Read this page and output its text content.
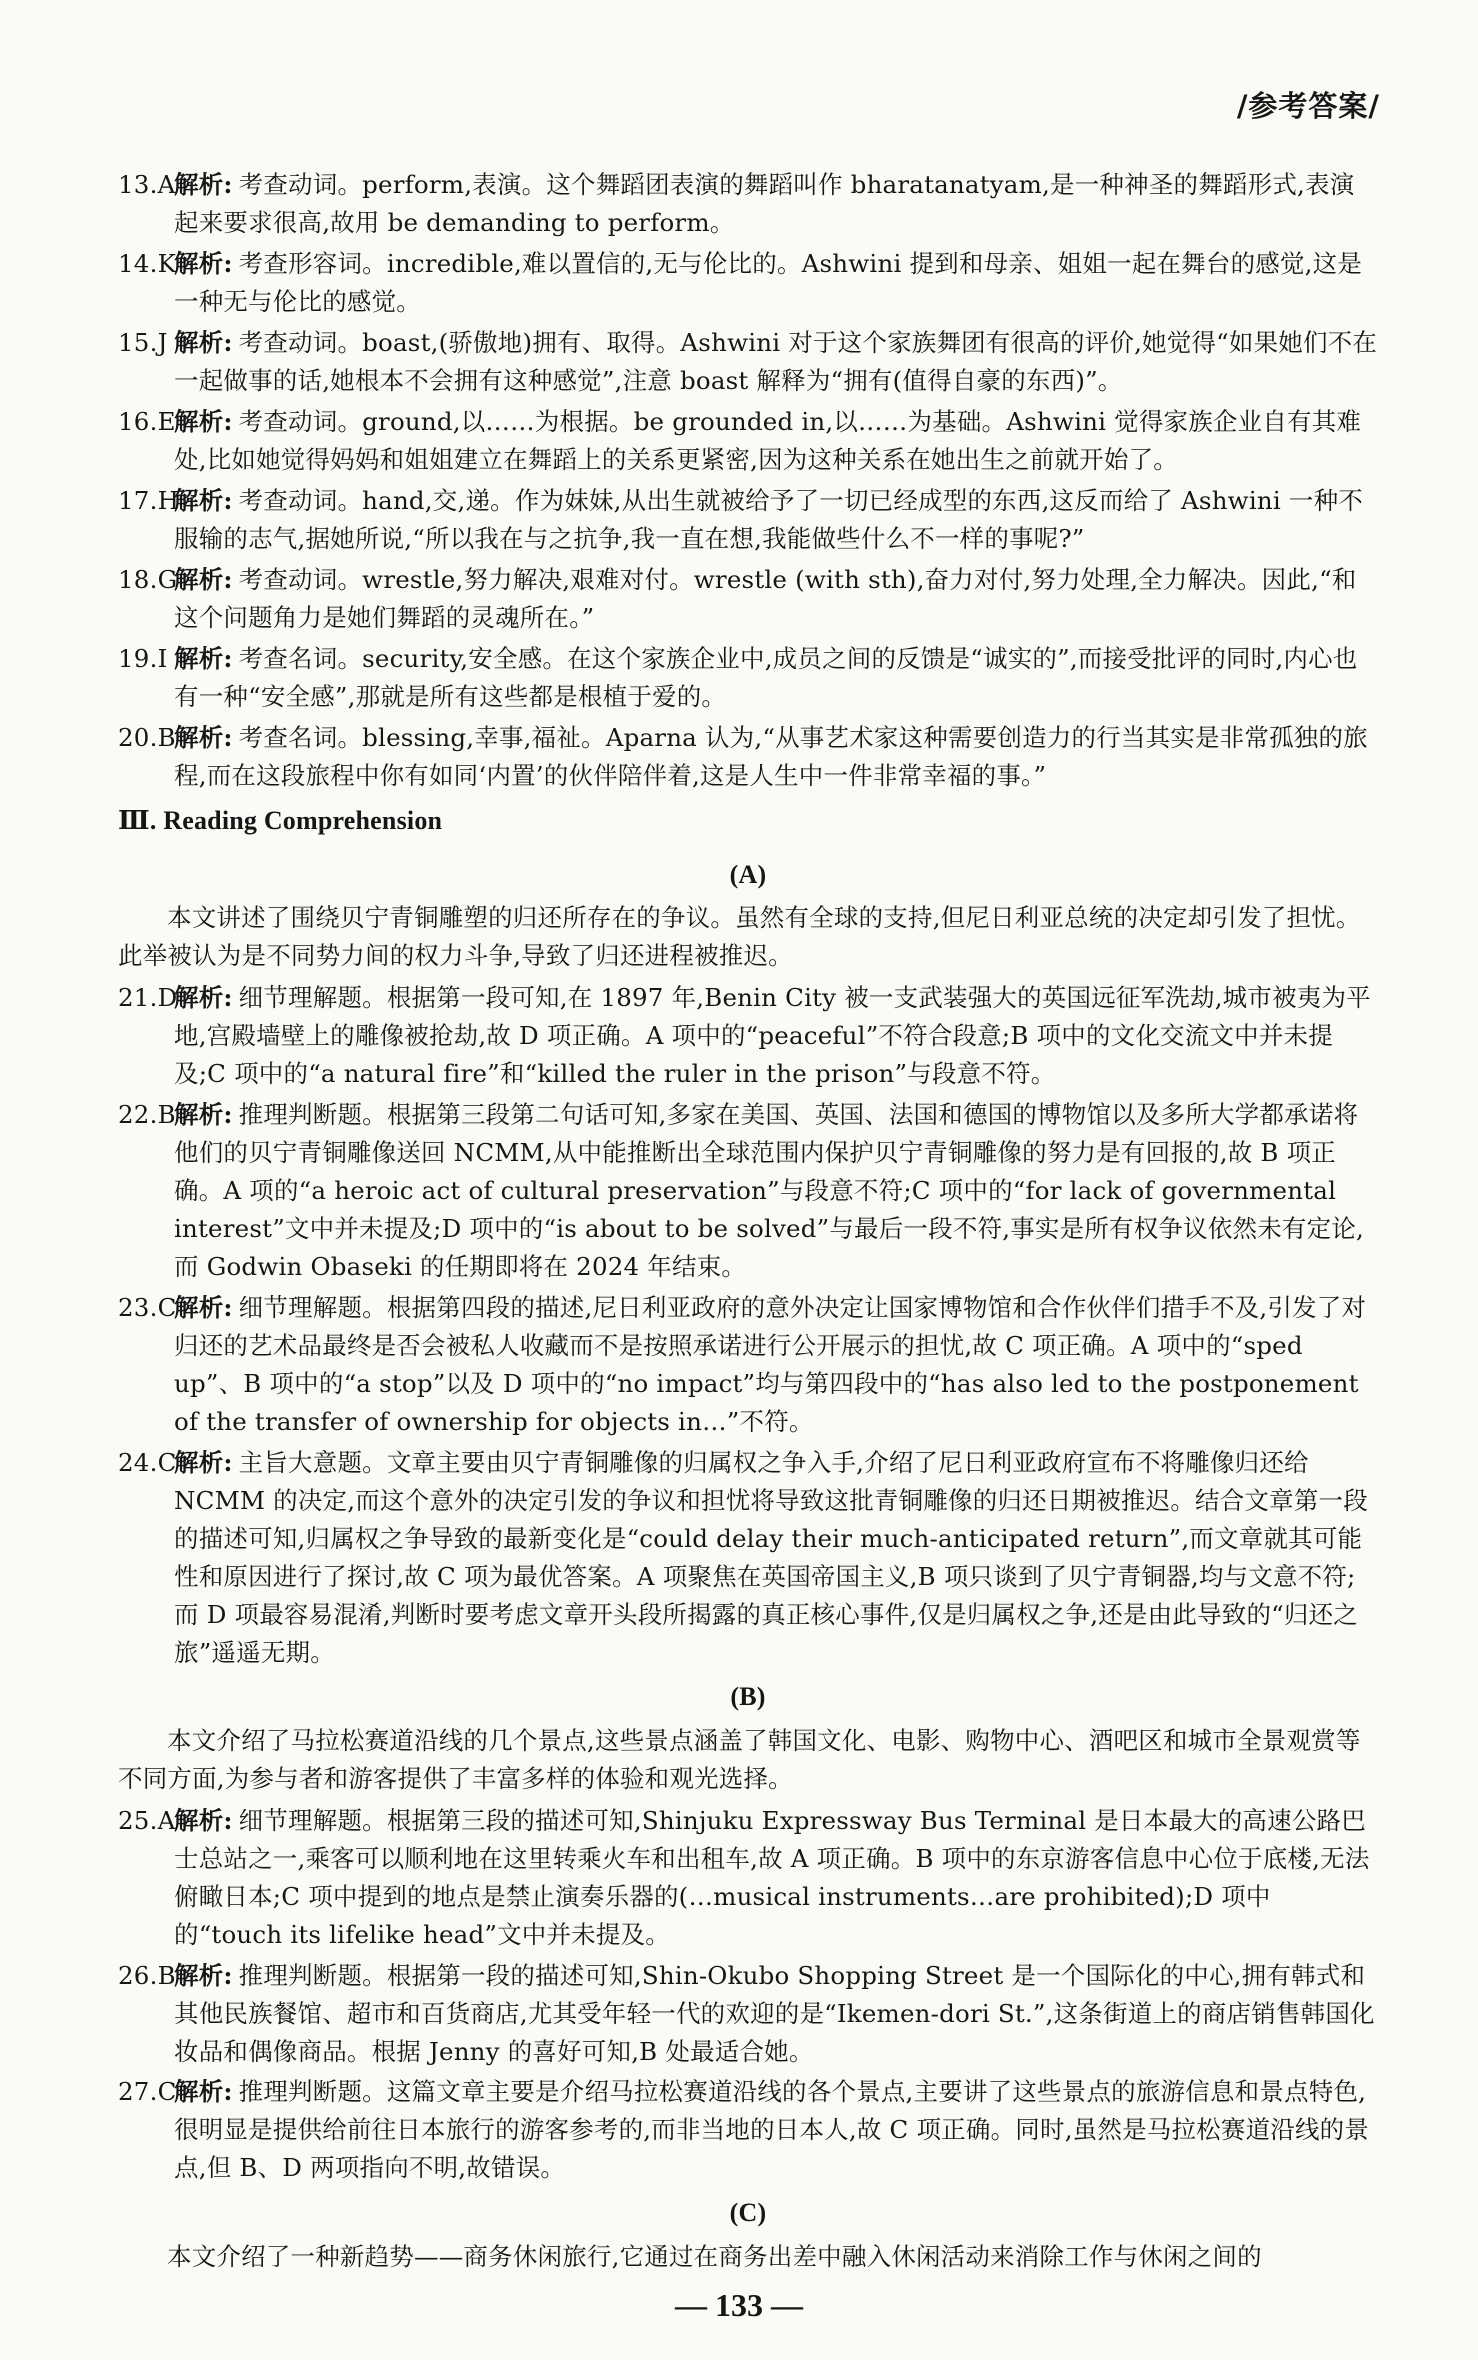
/参考答案/
13.A解析: 考查动词。perform,表演。这个舞蹈团表演的舞蹈叫作 bharatanatyam,是一种神圣的舞蹈形式,表演起来要求很高,故用 be demanding to perform。
14.K解析: 考查形容词。incredible,难以置信的,无与伦比的。Ashwini 提到和母亲、姐姐一起在舞台的感觉,这是一种无与伦比的感觉。
15.J 解析: 考查动词。boast,(骄傲地)拥有、取得。Ashwini 对于这个家族舞团有很高的评价,她觉得“如果她们不在一起做事的话,她根本不会拥有这种感觉”,注意 boast 解释为“拥有(值得自豪的东西)”。
16.E解析: 考查动词。ground,以……为根据。be grounded in,以……为基础。Ashwini 觉得家族企业自有其难处,比如她觉得妈妈和姐姐建立在舞蹈上的关系更紧密,因为这种关系在她出生之前就开始了。
17.H解析: 考查动词。hand,交,递。作为妹妹,从出生就被给予了一切已经成型的东西,这反而给了 Ashwini 一种不服输的志气,据她所说,“所以我在与之抗争,我一直在想,我能做些什么不一样的事呢?”
18.G解析: 考查动词。wrestle,努力解决,艰难对付。wrestle (with sth),奋力对付,努力处理,全力解决。因此,“和这个问题角力是她们舞蹈的灵魂所在。”
19.I 解析: 考查名词。security,安全感。在这个家族企业中,成员之间的反馈是“诚实的”,而接受批评的同时,内心也有一种“安全感”,那就是所有这些都是根植于爱的。
20.B解析: 考查名词。blessing,幸事,福祉。Aparna 认为,“从事艺术家这种需要创造力的行当其实是非常孤独的旅程,而在这段旅程中你有如同‘内置’的伙伴陪伴着,这是人生中一件非常幸福的事。”
Ⅲ. Reading Comprehension
(A)
本文讲述了围绕贝宁青铜雕塑的归还所存在的争议。虽然有全球的支持,但尼日利亚总统的决定却引发了担忧。此举被认为是不同势力间的权力斗争,导致了归还进程被推迟。
21.D解析: 细节理解题。根据第一段可知,在 1897 年,Benin City 被一支武装强大的英国远征军洗劫,城市被夷为平地,宫殿墙壁上的雕像被抢劫,故 D 项正确。A 项中的“peaceful”不符合段意;B 项中的文化交流文中并未提及;C 项中的“a natural fire”和“killed the ruler in the prison”与段意不符。
22.B解析: 推理判断题。根据第三段第二句话可知,多家在美国、英国、法国和德国的博物馆以及多所大学都承诺将他们的贝宁青铜雕像送回 NCMM,从中能推断出全球范围内保护贝宁青铜雕像的努力是有回报的,故 B 项正确。A 项的“a heroic act of cultural preservation”与段意不符;C 项中的“for lack of governmental interest”文中并未提及;D 项中的“is about to be solved”与最后一段不符,事实是所有权争议依然未有定论,而 Godwin Obaseki 的任期即将在 2024 年结束。
23.C解析: 细节理解题。根据第四段的描述,尼日利亚政府的意外决定让国家博物馆和合作伙伴们措手不及,引发了对归还的艺术品最终是否会被私人收藏而不是按照承诺进行公开展示的担忧,故 C 项正确。A 项中的“sped up”、B 项中的“a stop”以及 D 项中的“no impact”均与第四段中的“has also led to the postponement of the transfer of ownership for objects in…”不符。
24.C解析: 主旨大意题。文章主要由贝宁青铜雕像的归属权之争入手,介绍了尼日利亚政府宣布不将雕像归还给 NCMM 的决定,而这个意外的决定引发的争议和担忧将导致这批青铜雕像的归还日期被推迟。结合文章第一段的描述可知,归属权之争导致的最新变化是“could delay their much-anticipated return”,而文章就其可能性和原因进行了探讨,故 C 项为最优答案。A 项聚焦在英国帝国主义,B 项只谈到了贝宁青铜器,均与文意不符;而 D 项最容易混淆,判断时要考虑文章开头段所揭露的真正核心事件,仅是归属权之争,还是由此导致的“归还之旅”遥遥无期。
(B)
本文介绍了马拉松赛道沿线的几个景点,这些景点涵盖了韩国文化、电影、购物中心、酒吧区和城市全景观赏等不同方面,为参与者和游客提供了丰富多样的体验和观光选择。
25.A解析: 细节理解题。根据第三段的描述可知,Shinjuku Expressway Bus Terminal 是日本最大的高速公路巴士总站之一,乘客可以顺利地在这里转乘火车和出租车,故 A 项正确。B 项中的东京游客信息中心位于底楼,无法俯瞰日本;C 项中提到的地点是禁止演奏乐器的(…musical instruments…are prohibited);D 项中的“touch its lifelike head”文中并未提及。
26.B解析: 推理判断题。根据第一段的描述可知,Shin-Okubo Shopping Street 是一个国际化的中心,拥有韩式和其他民族餐馆、超市和百货商店,尤其受年轻一代的欢迎的是“Ikemen-dori St.”,这条街道上的商店销售韩国化妆品和偶像商品。根据 Jenny 的喜好可知,B 处最适合她。
27.C解析: 推理判断题。这篇文章主要是介绍马拉松赛道沿线的各个景点,主要讲了这些景点的旅游信息和景点特色,很明显是提供给前往日本旅行的游客参考的,而非当地的日本人,故 C 项正确。同时,虽然是马拉松赛道沿线的景点,但 B、D 两项指向不明,故错误。
(C)
本文介绍了一种新趋势——商务休闲旅行,它通过在商务出差中融入休闲活动来消除工作与休闲之间的
— 133 —
